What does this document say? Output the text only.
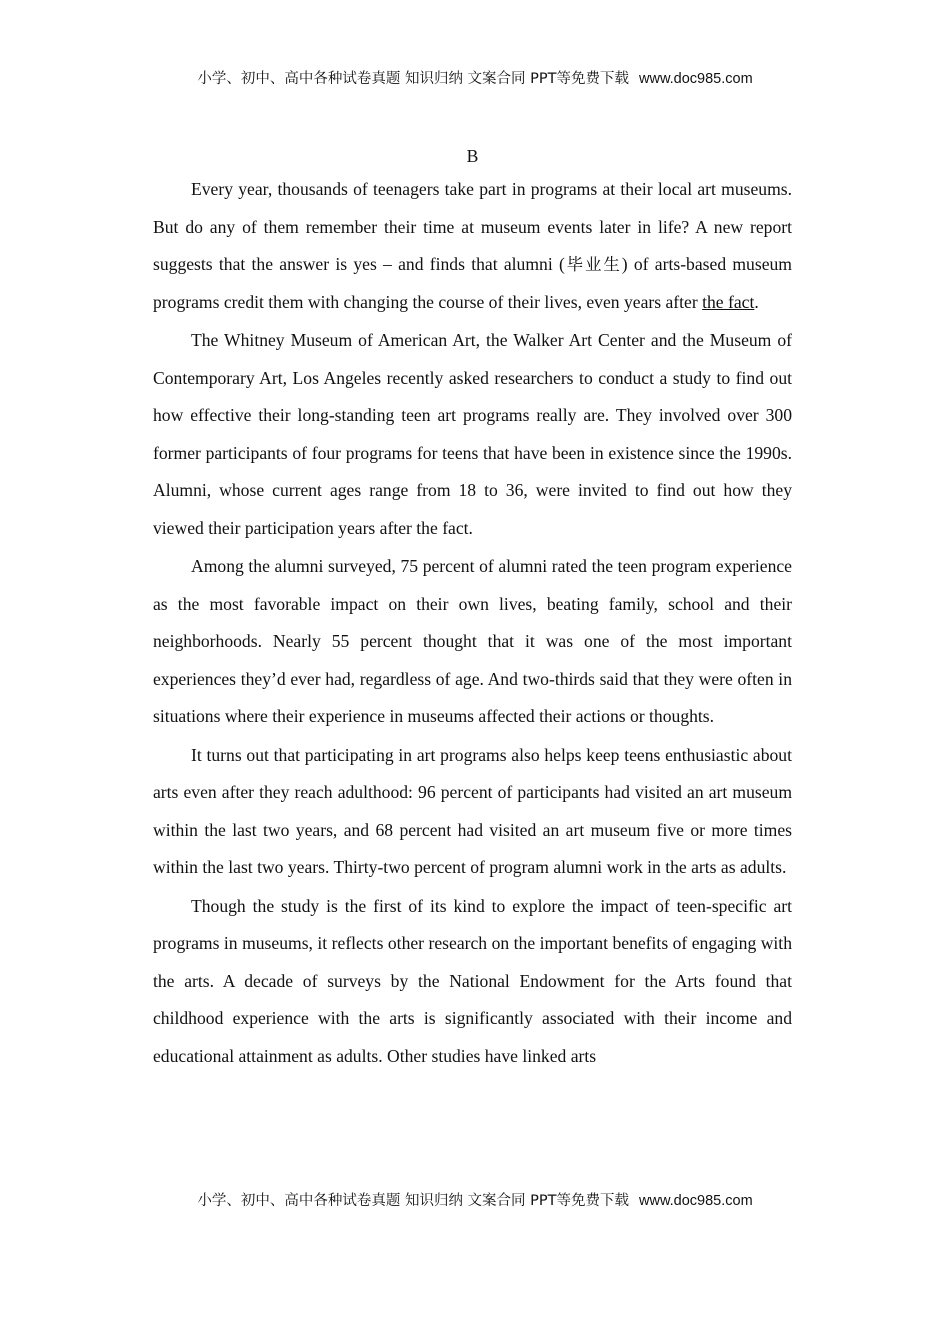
小学、初中、高中各种试卷真题 知识归纳 文案合同 PPT等免费下载 www.doc985.com
B

Every year, thousands of teenagers take part in programs at their local art museums. But do any of them remember their time at museum events later in life? A new report suggests that the answer is yes – and finds that alumni (毕业生) of arts-based museum programs credit them with changing the course of their lives, even years after the fact.

The Whitney Museum of American Art, the Walker Art Center and the Museum of Contemporary Art, Los Angeles recently asked researchers to conduct a study to find out how effective their long-standing teen art programs really are. They involved over 300 former participants of four programs for teens that have been in existence since the 1990s. Alumni, whose current ages range from 18 to 36, were invited to find out how they viewed their participation years after the fact.

Among the alumni surveyed, 75 percent of alumni rated the teen program experience as the most favorable impact on their own lives, beating family, school and their neighborhoods. Nearly 55 percent thought that it was one of the most important experiences they’d ever had, regardless of age. And two-thirds said that they were often in situations where their experience in museums affected their actions or thoughts.

It turns out that participating in art programs also helps keep teens enthusiastic about arts even after they reach adulthood: 96 percent of participants had visited an art museum within the last two years, and 68 percent had visited an art museum five or more times within the last two years. Thirty-two percent of program alumni work in the arts as adults.

Though the study is the first of its kind to explore the impact of teen-specific art programs in museums, it reflects other research on the important benefits of engaging with the arts. A decade of surveys by the National Endowment for the Arts found that childhood experience with the arts is significantly associated with their income and educational attainment as adults. Other studies have linked arts

小学、初中、高中各种试卷真题 知识归纳 文案合同 PPT等免费下载 www.doc985.com
